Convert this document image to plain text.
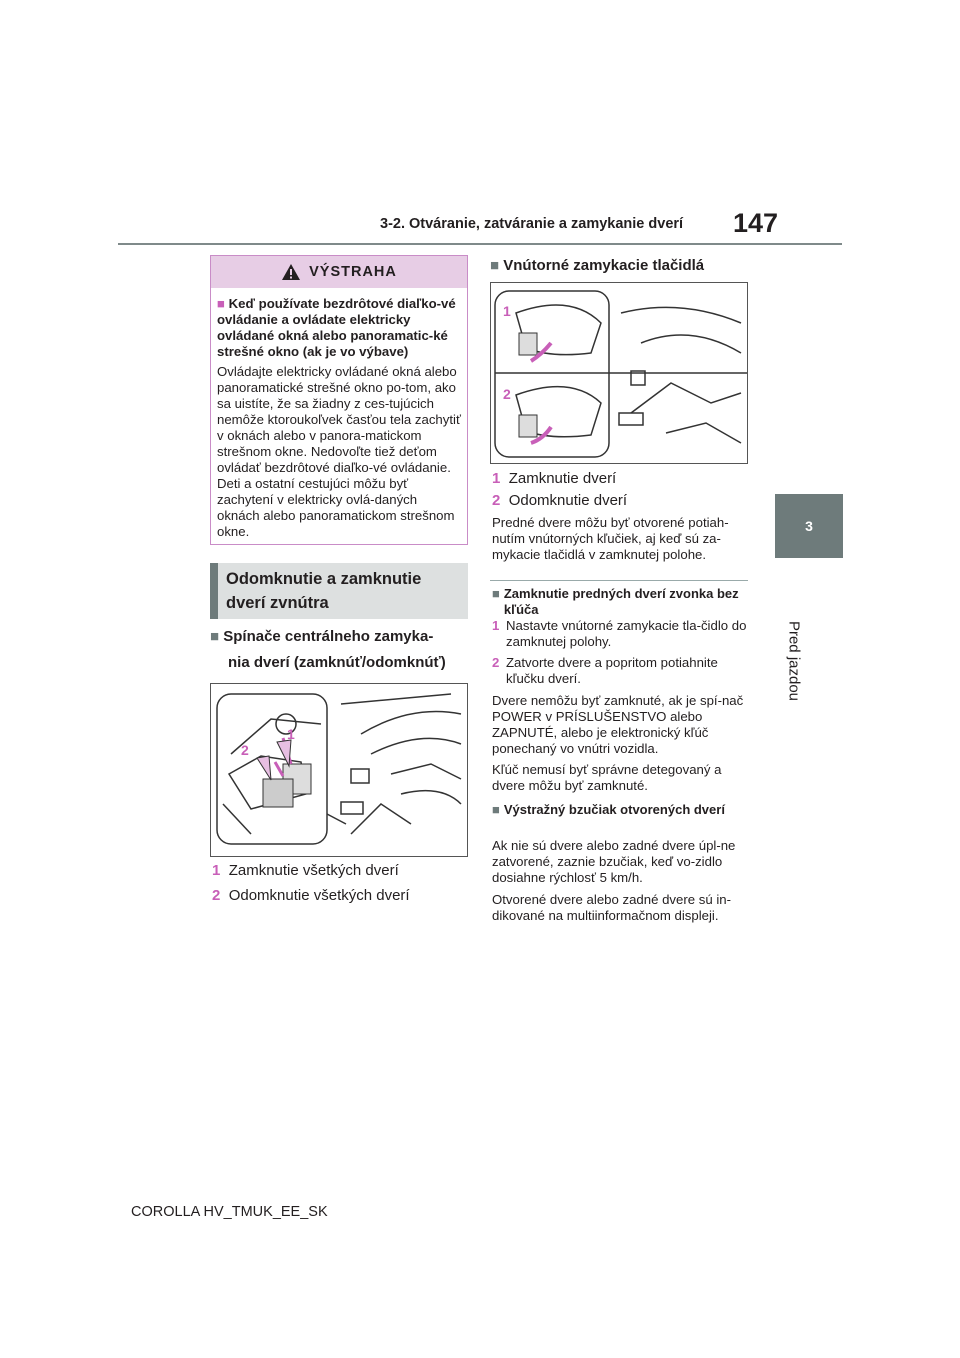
3-2. Otváranie, zatváranie a zamykanie dverí 147
3
Pred jazdou
VÝSTRAHA
■ Keď používate bezdrôtové diaľko-vé ovládanie a ovládate elektricky ovládané okná alebo panoramatic-ké strešné okno (ak je vo výbave)
Ovládajte elektricky ovládané okná alebo panoramatické strešné okno po-tom, ako sa uistíte, že sa žiadny z ces-tujúcich nemôže ktoroukoľvek časťou tela zachytiť v oknách alebo v panora-matickom strešnom okne. Nedovoľte tiež deťom ovládať bezdrôtové diaľko-vé ovládanie. Deti a ostatní cestujúci môžu byť zachytení v elektricky ovlá-daných oknách alebo panoramatickom strešnom okne.
Odomknutie a zamknutie
dverí zvnútra
■ Spínače centrálneho zamyka-
nia dverí (zamknúť/odomknúť)
1
2
1 Zamknutie všetkých dverí
2 Odomknutie všetkých dverí
■ Vnútorné zamykacie tlačidlá
1
2
1 Zamknutie dverí
2 Odomknutie dverí
Predné dvere môžu byť otvorené potiah-nutím vnútorných kľučiek, aj keď sú za-mykacie tlačidlá v zamknutej polohe.
■ Zamknutie predných dverí zvonka bez kľúča
1 Nastavte vnútorné zamykacie tla-čidlo do zamknutej polohy.
2 Zatvorte dvere a popritom potiahnite kľučku dverí.
Dvere nemôžu byť zamknuté, ak je spí-nač POWER v PRÍSLUŠENSTVO alebo ZAPNUTÉ, alebo je elektronický kľúč ponechaný vo vnútri vozidla.
Kľúč nemusí byť správne detegovaný a dvere môžu byť zamknuté.
■ Výstražný bzučiak otvorených dverí
Ak nie sú dvere alebo zadné dvere úpl-ne zatvorené, zaznie bzučiak, keď vo-zidlo dosiahne rýchlosť 5 km/h.
Otvorené dvere alebo zadné dvere sú in-dikované na multiinformačnom displeji.
COROLLA HV_TMUK_EE_SK
